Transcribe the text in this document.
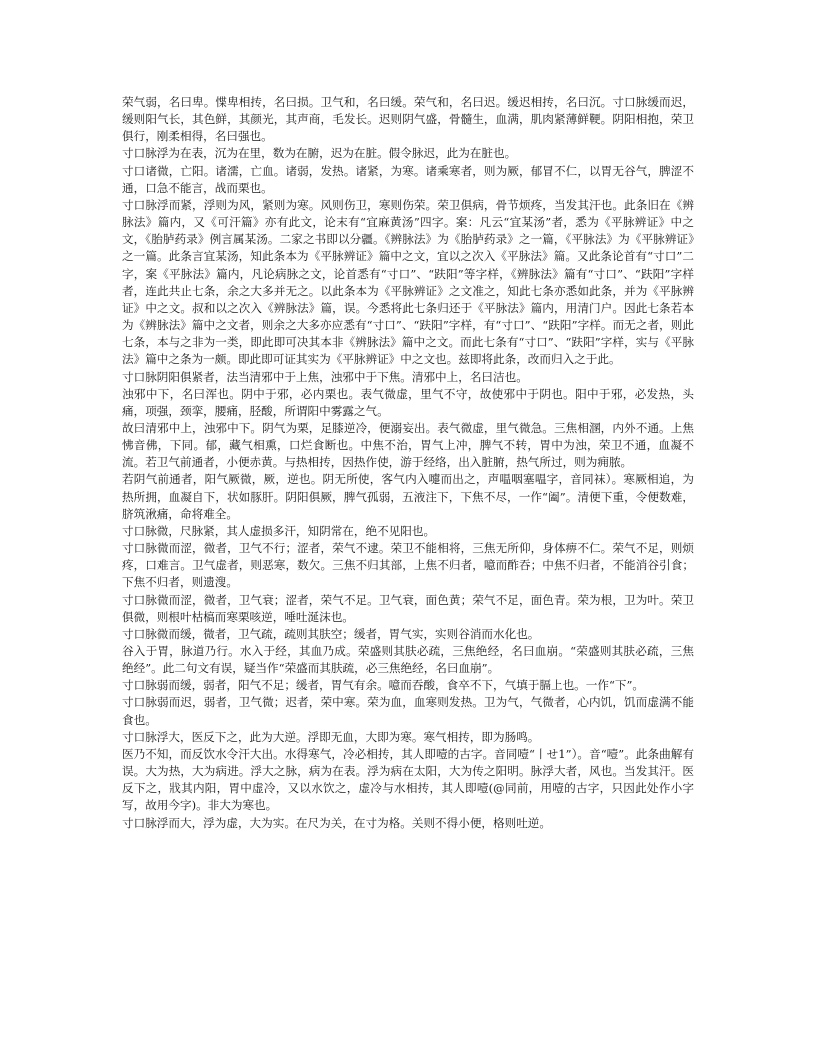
荣气弱，名曰卑。惵卑相抟，名曰损。卫气和，名曰缓。荣气和，名曰迟。缓迟相抟，名曰沉。寸口脉缓而迟，缓则阳气长，其色鲜，其颜光，其声商，毛发长。迟则阴气盛，骨髓生，血满，肌肉紧薄鲜鞕。阴阳相抱，荣卫俱行，刚柔相得，名曰强也。

寸口脉浮为在表，沉为在里，数为在腑，迟为在脏。假令脉迟，此为在脏也。

寸口诸微，亡阳。诸濡，亡血。诸弱，发热。诸紧，为寒。诸乘寒者，则为厥，郁冒不仁，以胃无谷气，脾涩不通，口急不能言，战而栗也。

寸口脉浮而紧，浮则为风，紧则为寒。风则伤卫，寒则伤荣。荣卫俱病，骨节烦疼，当发其汗也。此条旧在《辨脉法》篇内，又《可汗篇》亦有此文，论末有“宜麻黄汤”四字。案：凡云“宜某汤”者，悉为《平脉辨证》中之文，《胎胪药录》例言属某汤。二家之书即以分疆。《辨脉法》为《胎胪药录》之一篇，《平脉法》为《平脉辨证》之一篇。此条言宜某汤，知此条本为《平脉辨证》篇中之文，宜以之次入《平脉法》篇。又此条论首有“寸口”二字，案《平脉法》篇内，凡论病脉之文，论首悉有“寸口”、“趺阳”等字样，《辨脉法》篇有“寸口”、“趺阳”字样者，连此共止七条，余之大多并无之。以此条本为《平脉辨证》之文准之，知此七条亦悉如此条，并为《平脉辨证》中之文。叔和以之次入《辨脉法》篇，误。今悉将此七条归还于《平脉法》篇内，用清门户。因此七条若本为《辨脉法》篇中之文者，则余之大多亦应悉有“寸口”、“趺阳”字样，有“寸口”、“趺阳”字样。而无之者，则此七条，本与之非为一类，即此即可决其本非《辨脉法》篇中之文。而此七条有“寸口”、“趺阳”字样，实与《平脉法》篇中之条为一颇。即此即可证其实为《平脉辨证》中之文也。兹即将此条，改而归入之于此。

寸口脉阴阳俱紧者，法当清邪中于上焦，浊邪中于下焦。清邪中上，名曰洁也。

浊邪中下，名曰浑也。阴中于邪，必内栗也。表气微虚，里气不守，故使邪中于阴也。阳中于邪，必发热，头痛，项强，颈挛，腰痛，胫酸，所谓阳中雾露之气。

故曰清邪中上，浊邪中下。阴气为栗，足膝逆冷，便溺妄出。表气微虚，里气微急。三焦相溷，内外不通。上焦怫音佛，下同。郁，藏气相熏，口烂食断也。中焦不治，胃气上冲，脾气不转，胃中为浊，荣卫不通，血凝不流。若卫气前通者，小便赤黄。与热相抟，因热作使，游于经络，出入脏腑，热气所过，则为痈脓。

若阴气前通者，阳气厥微，厥，逆也。阴无所使，客气内入嚏而出之，声嗢咽塞嗢字，音同袜）。寒厥相追，为热所拥，血凝自下，状如豚肝。阴阳俱厥，脾气孤弱，五液注下，下焦不尽，一作“阖”。清便下重，令便数难，脐筑湫痛，命将难全。

寸口脉微，尺脉紧，其人虚损多汗，知阴常在，绝不见阳也。

寸口脉微而涩，微者，卫气不行；涩者，荣气不逮。荣卫不能相将，三焦无所仰，身体痹不仁。荣气不足，则烦疼，口难言。卫气虚者，则恶寒，数欠。三焦不归其部，上焦不归者，噫而酢吞；中焦不归者，不能消谷引食；下焦不归者，则遗溲。

寸口脉微而涩，微者，卫气衰；涩者，荣气不足。卫气衰，面色黄；荣气不足，面色青。荣为根，卫为叶。荣卫俱微，则根叶枯槁而寒栗咳逆，唾吐涎沫也。

寸口脉微而缓，微者，卫气疏，疏则其肤空；缓者，胃气实，实则谷消而水化也。

谷入于胃，脉道乃行。水入于经，其血乃成。荣盛则其肤必疏，三焦绝经，名曰血崩。“荣盛则其肤必疏，三焦绝经”。此二句文有误，疑当作“荣盛而其肤疏，必三焦绝经，名曰血崩”。

寸口脉弱而缓，弱者，阳气不足；缓者，胃气有余。噫而吞酸，食卒不下，气填于膈上也。一作“下”。

寸口脉弱而迟，弱者，卫气微；迟者，荣中寒。荣为血，血寒则发热。卫为气，气微者，心内饥，饥而虚满不能食也。

寸口脉浮大，医反下之，此为大逆。浮即无血，大即为寒。寒气相抟，即为肠鸣。

医乃不知，而反饮水令汗大出。水得寒气，冷必相抟，其人即噎的古字。音同噎“丨せ1”）。音“噎”。此条曲解有误。大为热，大为病进。浮大之脉，病为在表。浮为病在太阳，大为传之阳明。脉浮大者，风也。当发其汗。医反下之，戕其内阳，胃中虚冷，又以水饮之，虚冷与水相抟，其人即噎(@同前，用噎的古字，只因此处作小字写，故用今字)。非大为寒也。

寸口脉浮而大，浮为虚，大为实。在尺为关，在寸为格。关则不得小便，格则吐逆。
